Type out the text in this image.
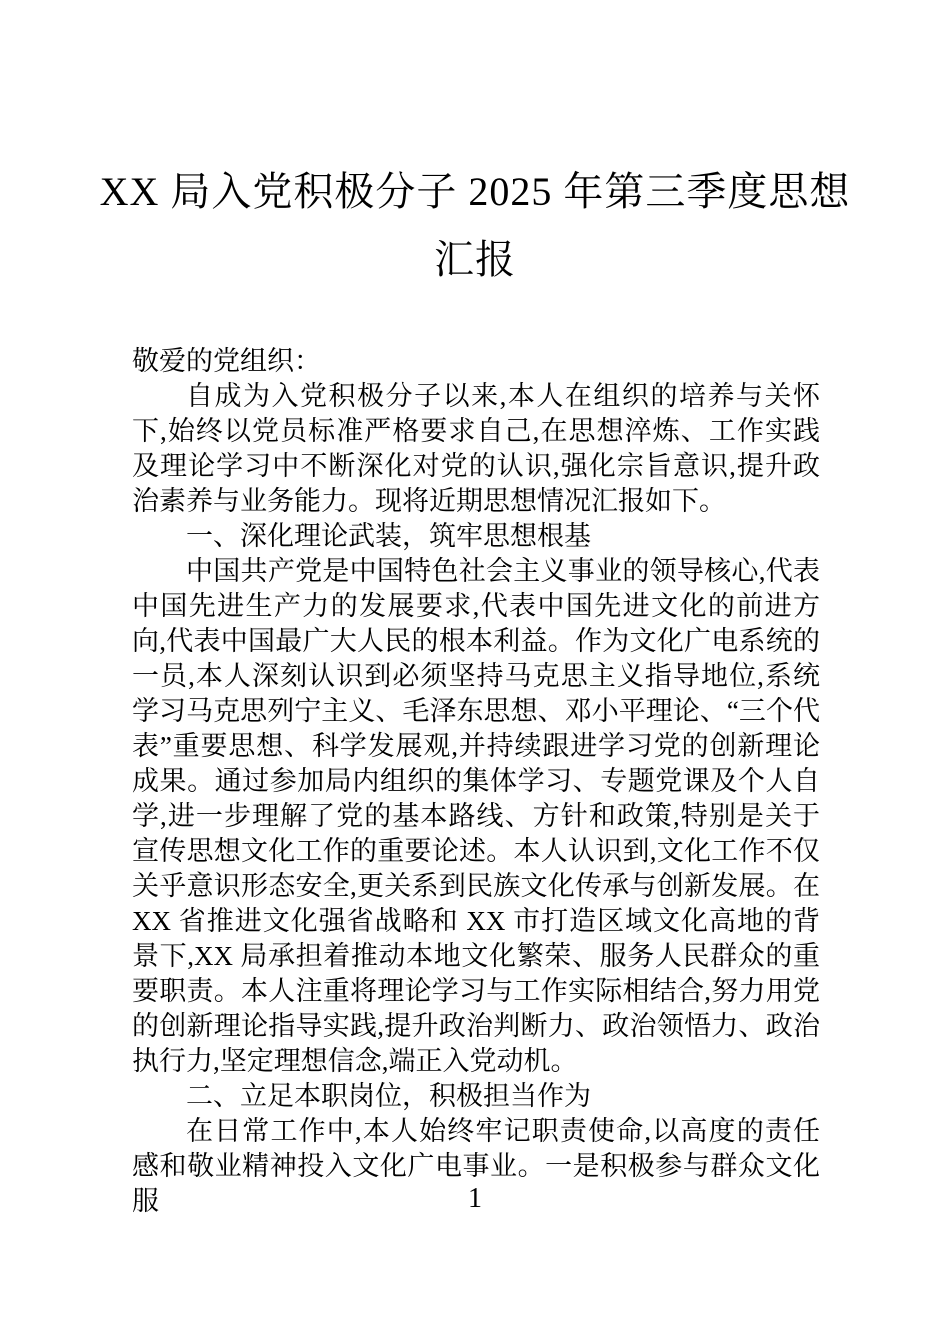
XX 局入党积极分子 2025 年第三季度思想
汇报

敬爱的党组织：

自成为入党积极分子以来,本人在组织的培养与关怀下,始终以党员标准严格要求自己,在思想淬炼、工作实践及理论学习中不断深化对党的认识,强化宗旨意识,提升政治素养与业务能力。现将近期思想情况汇报如下。

一、深化理论武装，筑牢思想根基

中国共产党是中国特色社会主义事业的领导核心,代表中国先进生产力的发展要求,代表中国先进文化的前进方向,代表中国最广大人民的根本利益。作为文化广电系统的一员,本人深刻认识到必须坚持马克思主义指导地位,系统学习马克思列宁主义、毛泽东思想、邓小平理论、“三个代表”重要思想、科学发展观,并持续跟进学习党的创新理论成果。通过参加局内组织的集体学习、专题党课及个人自学,进一步理解了党的基本路线、方针和政策,特别是关于宣传思想文化工作的重要论述。本人认识到,文化工作不仅关乎意识形态安全,更关系到民族文化传承与创新发展。在 XX 省推进文化强省战略和 XX 市打造区域文化高地的背景下,XX 局承担着推动本地文化繁荣、服务人民群众的重要职责。本人注重将理论学习与工作实际相结合,努力用党的创新理论指导实践,提升政治判断力、政治领悟力、政治执行力,坚定理想信念,端正入党动机。

二、立足本职岗位，积极担当作为

在日常工作中,本人始终牢记职责使命,以高度的责任感和敬业精神投入文化广电事业。一是积极参与群众文化服	1
